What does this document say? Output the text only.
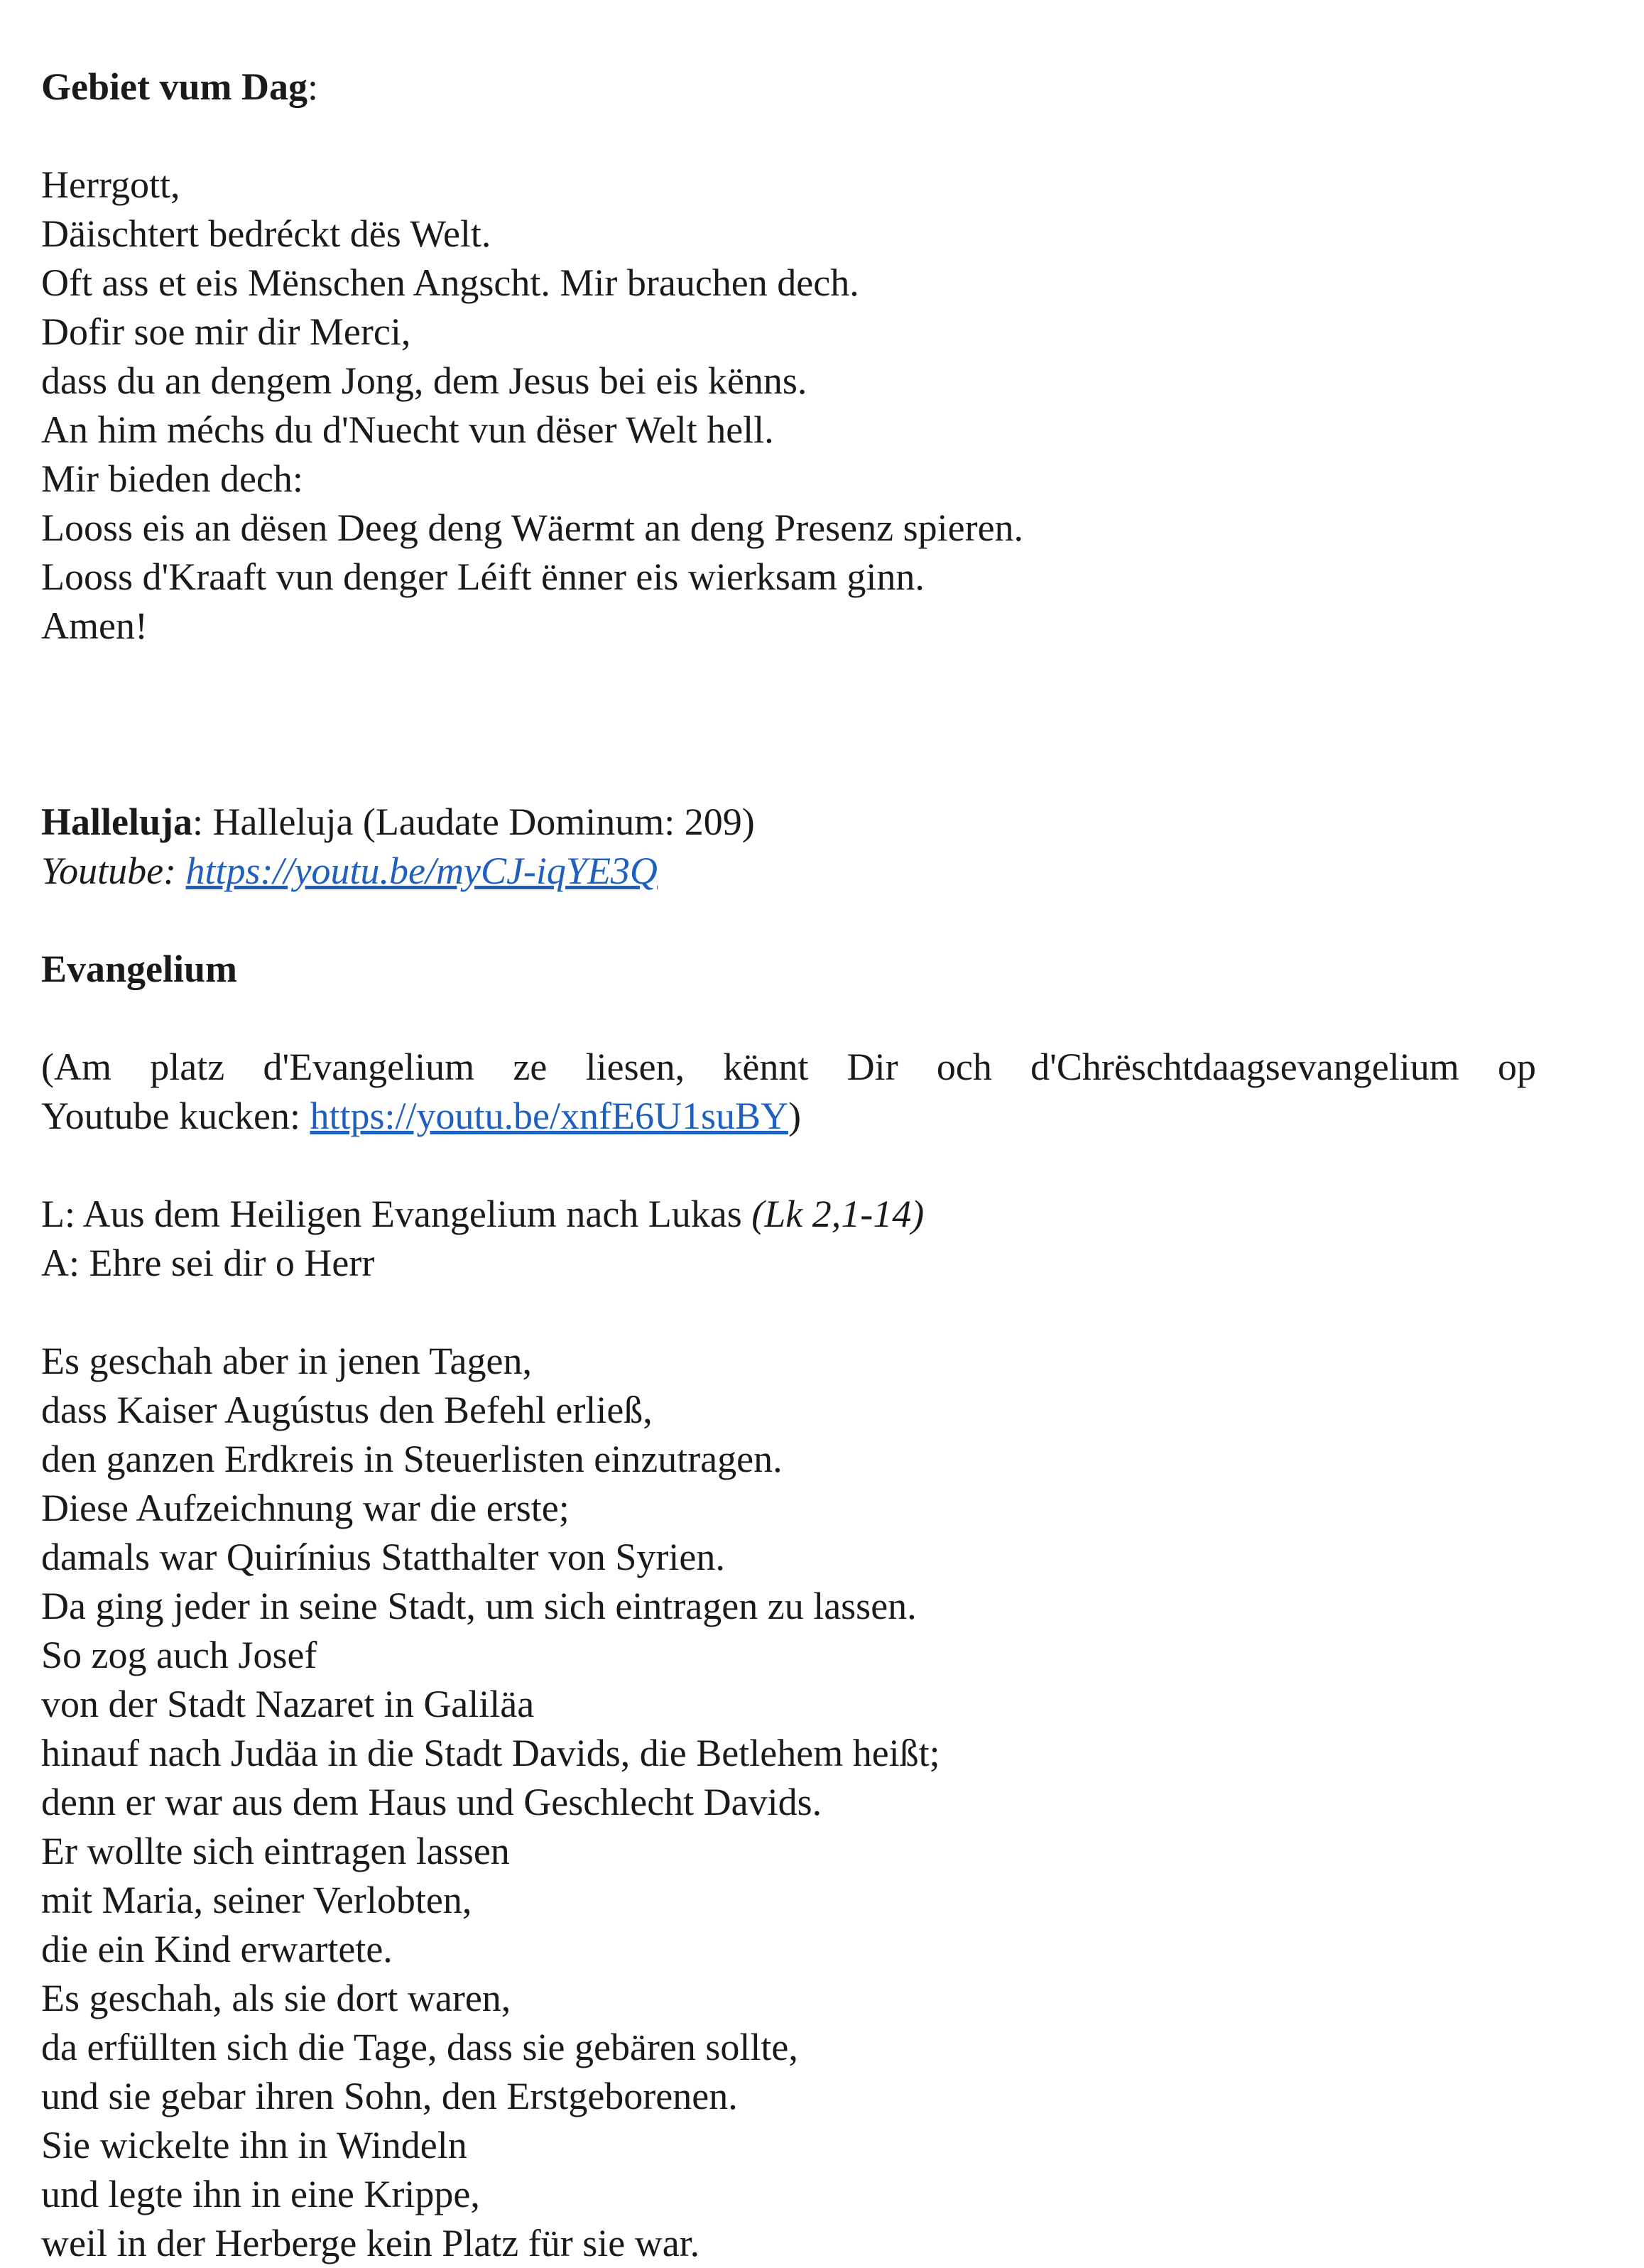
Gebiet vum Dag:
Herrgott,
Däischtert bedréckt dës Welt.
Oft ass et eis Mënschen Angscht. Mir brauchen dech.
Dofir soe mir dir Merci,
dass du an dengem Jong, dem Jesus bei eis kënns.
An him méchs du d'Nuecht vun dëser Welt hell.
Mir bieden dech:
Looss eis an dësen Deeg deng Wäermt an deng Presenz spieren.
Looss d'Kraaft vun denger Léift ënner eis wierksam ginn.
Amen!
Halleluja: Halleluja (Laudate Dominum: 209)
Youtube: https://youtu.be/myCJ-iqYE3Q
Evangelium
(Am platz d'Evangelium ze liesen, kënnt Dir och d'Chrëschtdaagsevangelium op
Youtube kucken: https://youtu.be/xnfE6U1suBY)
L: Aus dem Heiligen Evangelium nach Lukas (Lk 2,1-14)
A: Ehre sei dir o Herr
Es geschah aber in jenen Tagen,
dass Kaiser Augústus den Befehl erließ,
den ganzen Erdkreis in Steuerlisten einzutragen.
Diese Aufzeichnung war die erste;
damals war Quirínius Statthalter von Syrien.
Da ging jeder in seine Stadt, um sich eintragen zu lassen.
So zog auch Josef
von der Stadt Nazaret in Galiläa
hinauf nach Judäa in die Stadt Davids, die Betlehem heißt;
denn er war aus dem Haus und Geschlecht Davids.
Er wollte sich eintragen lassen
mit Maria, seiner Verlobten,
die ein Kind erwartete.
Es geschah, als sie dort waren,
da erfüllten sich die Tage, dass sie gebären sollte,
und sie gebar ihren Sohn, den Erstgeborenen.
Sie wickelte ihn in Windeln
und legte ihn in eine Krippe,
weil in der Herberge kein Platz für sie war.
